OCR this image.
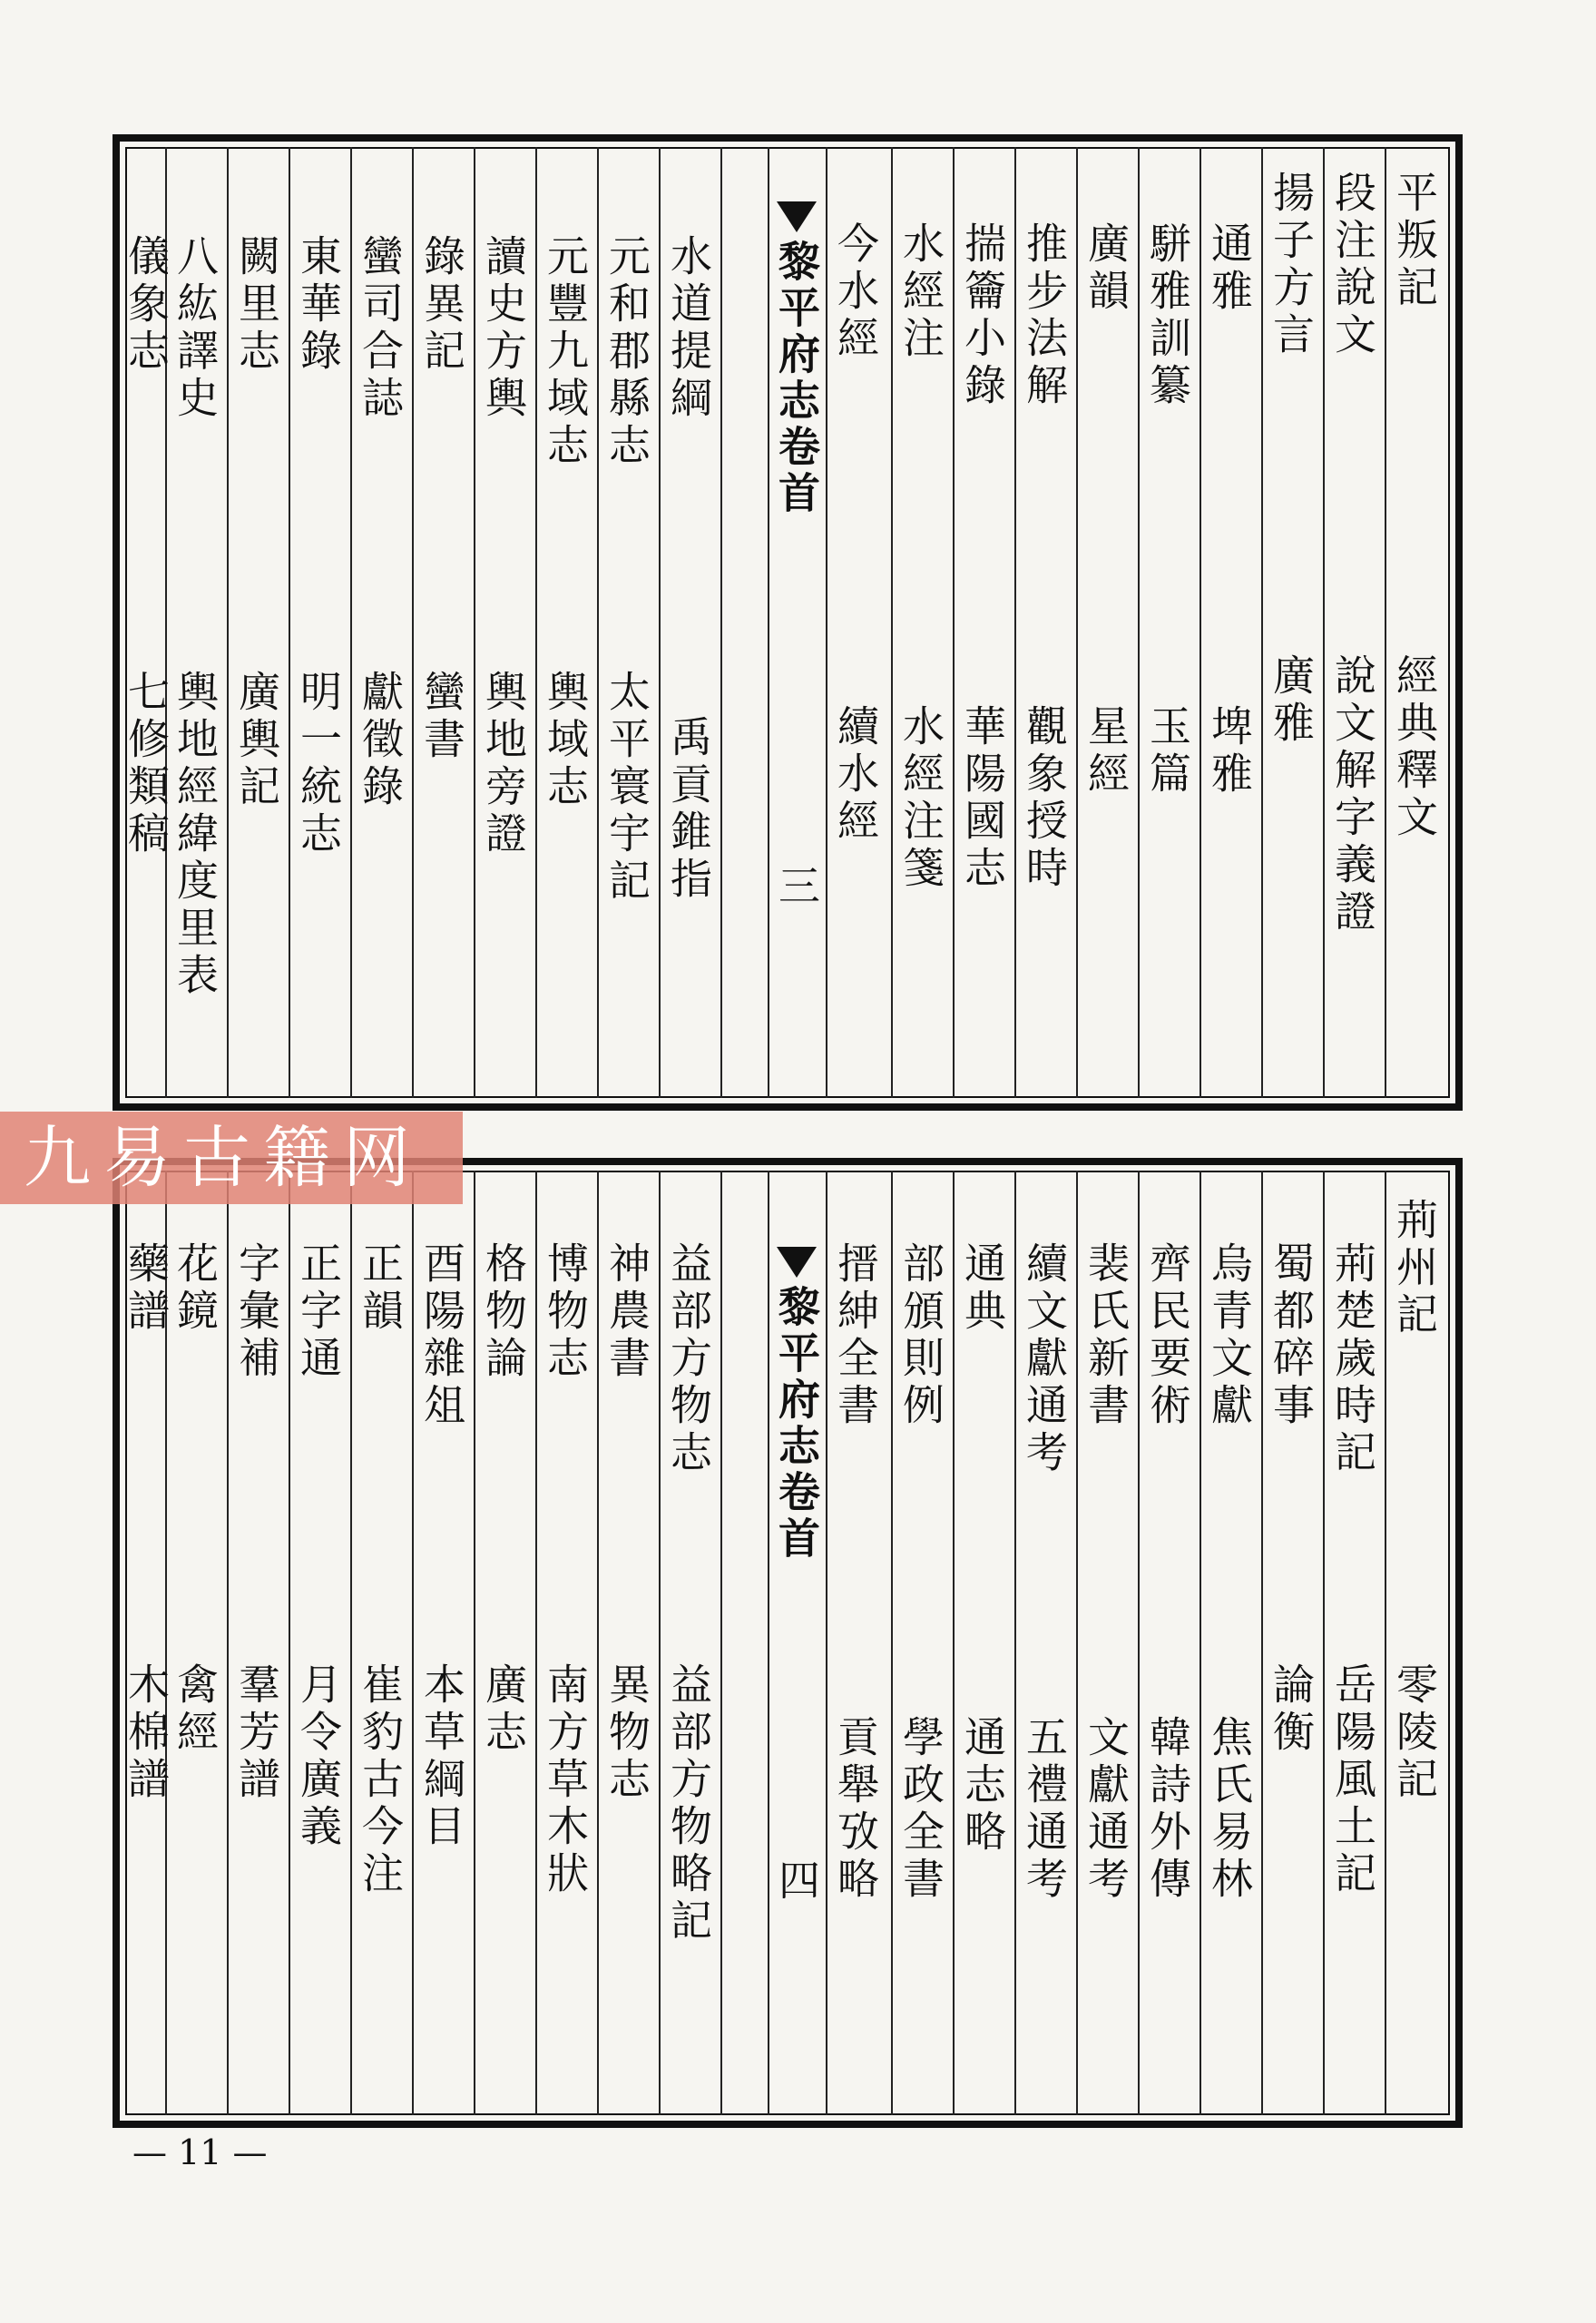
黎平府志卷首
三
平叛記
經典釋文
段注說文
說文解字義證
揚子方言
廣雅
通雅
埤雅
駢雅訓纂
玉篇
廣韻
星經
推步法解
觀象授時
揣籥小錄
華陽國志
水經注
水經注箋
今水經
續水經
水道提綱
禹貢錐指
元和郡縣志
太平寰宇記
元豐九域志
輿域志
讀史方輿
輿地旁證
錄異記
蠻書
蠻司合誌
獻徵錄
東華錄
明一統志
闕里志
廣輿記
八紘譯史
輿地經緯度里表
儀象志
七修類稿
黎平府志卷首
四
荊州記
零陵記
荊楚歲時記
岳陽風土記
蜀都碎事
論衡
烏青文獻
焦氏易林
齊民要術
韓詩外傳
裴氏新書
文獻通考
續文獻通考
五禮通考
通典
通志略
部頒則例
學政全書
搢紳全書
貢舉攷略
益部方物志
益部方物略記
神農書
異物志
博物志
南方草木狀
格物論
廣志
酉陽雜俎
本草綱目
正韻
崔豹古今注
正字通
月令廣義
字彙補
羣芳譜
花鏡
禽經
藥譜
木棉譜
九易古籍网
— 11 —
